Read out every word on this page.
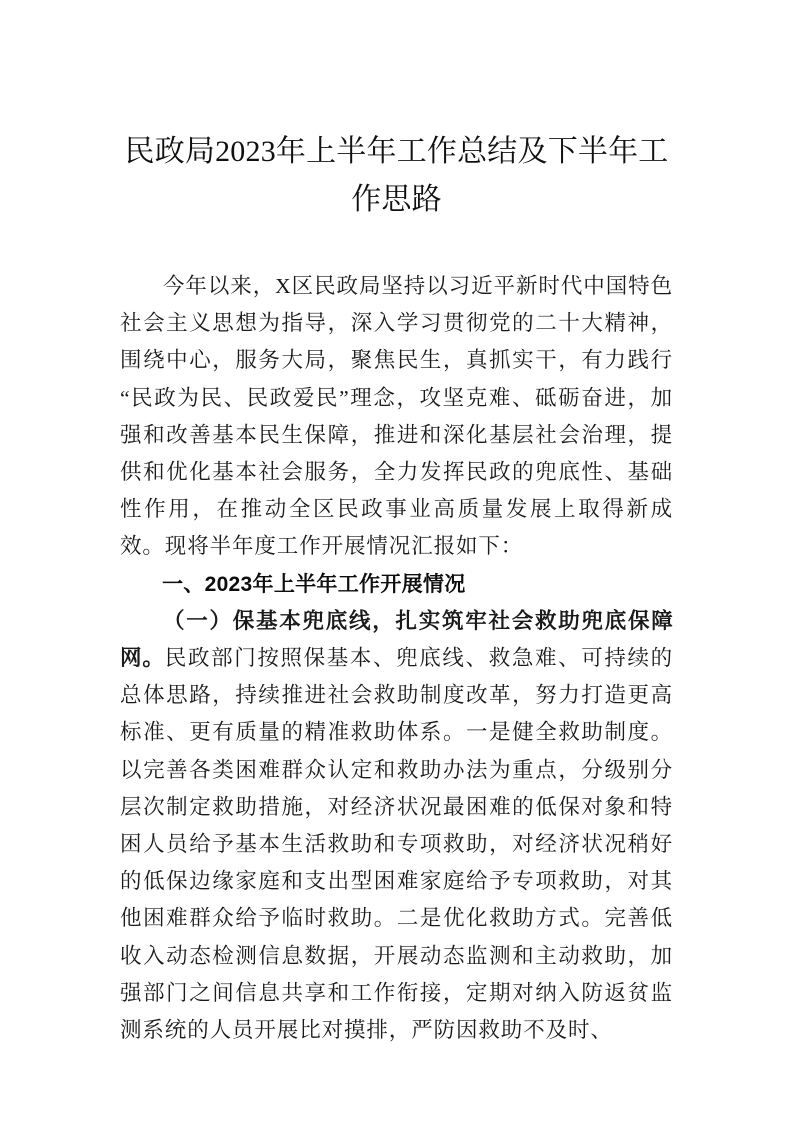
民政局2023年上半年工作总结及下半年工
作思路

今年以来，X区民政局坚持以习近平新时代中国特色社会主义思想为指导，深入学习贯彻党的二十大精神，围绕中心，服务大局，聚焦民生，真抓实干，有力践行“民政为民、民政爱民”理念，攻坚克难、砥砺奋进，加强和改善基本民生保障，推进和深化基层社会治理，提供和优化基本社会服务，全力发挥民政的兜底性、基础性作用，在推动全区民政事业高质量发展上取得新成效。现将半年度工作开展情况汇报如下：

一、2023年上半年工作开展情况

（一）保基本兜底线，扎实筑牢社会救助兜底保障网。民政部门按照保基本、兜底线、救急难、可持续的总体思路，持续推进社会救助制度改革，努力打造更高标准、更有质量的精准救助体系。一是健全救助制度。以完善各类困难群众认定和救助办法为重点，分级别分层次制定救助措施，对经济状况最困难的低保对象和特困人员给予基本生活救助和专项救助，对经济状况稍好的低保边缘家庭和支出型困难家庭给予专项救助，对其他困难群众给予临时救助。二是优化救助方式。完善低收入动态检测信息数据，开展动态监测和主动救助，加强部门之间信息共享和工作衔接，定期对纳入防返贫监测系统的人员开展比对摸排，严防因救助不及时、
